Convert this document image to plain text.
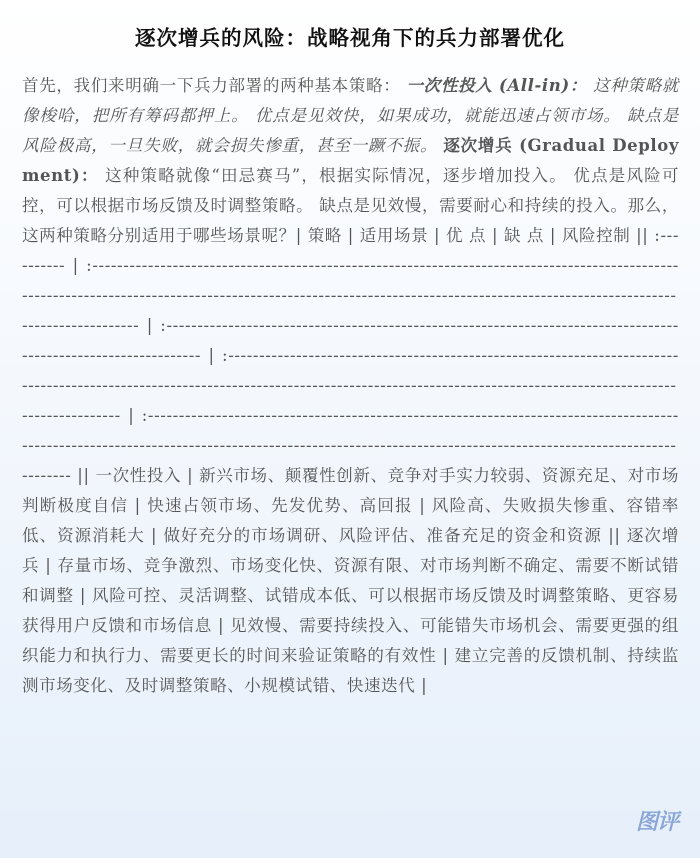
逐次增兵的风险：战略视角下的兵力部署优化
首先，我们来明确一下兵力部署的两种基本策略： 一次性投入 (All-in)： 这种策略就像梭哈，把所有筹码都押上。 优点是见效快，如果成功，就能迅速占领市场。 缺点是风险极高，一旦失败，就会损失惨重，甚至一蹶不振。 逐次增兵 (Gradual Deployment)： 这种策略就像“田忌赛马”，根据实际情况，逐步增加投入。 优点是风险可控，可以根据市场反馈及时调整策略。 缺点是见效慢，需要耐心和持续的投入。那么，这两种策略分别适用于哪些场景呢？| 策略 | 适用场景 | 优 点 | 缺 点 | 风险控制 || :---------- | :---------------------------------------------------------------------------------------------------------------------------------------------------------------------------------------------------------------------------- | :---------------------------------------------------------------------------------------------------------------- | :--------------------------------------------------------------------------------------------------------------------------------------------------------------------------------------------------- | :-------------------------------------------------------------------------------------------------------------------------------------------------------------------------------------------------------- || 一次性投入 | 新兴市场、颠覆性创新、竞争对手实力较弱、资源充足、对市场判断极度自信 | 快速占领市场、先发优势、高回报 | 风险高、失败损失惨重、容错率低、资源消耗大 | 做好充分的市场调研、风险评估、准备充足的资金和资源 || 逐次增兵 | 存量市场、竞争激烈、市场变化快、资源有限、对市场判断不确定、需要不断试错和调整 | 风险可控、灵活调整、试错成本低、可以根据市场反馈及时调整策略、更容易获得用户反馈和市场信息 | 见效慢、需要持续投入、可能错失市场机会、需要更强的组织能力和执行力、需要更长的时间来验证策略的有效性 | 建立完善的反馈机制、持续监测市场变化、及时调整策略、小规模试错、快速迭代 |
图评
